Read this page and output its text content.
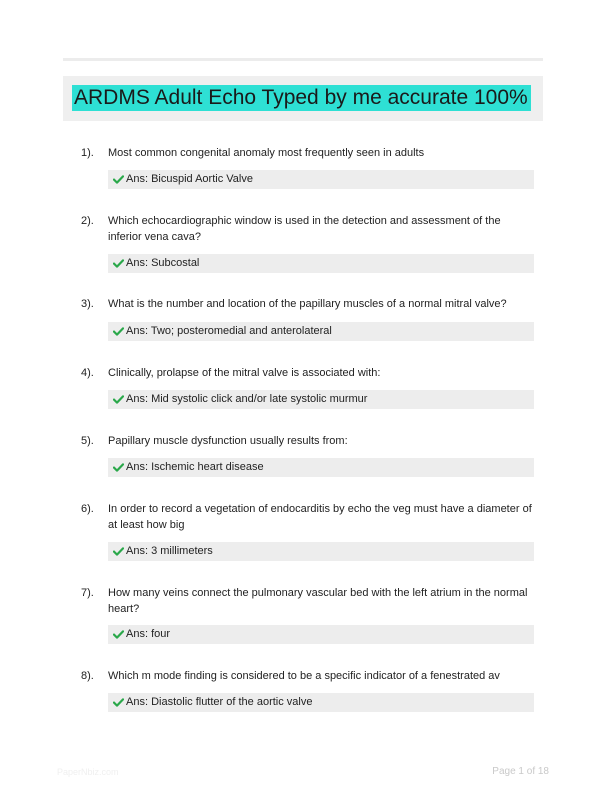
ARDMS Adult Echo Typed by me accurate 100%
1). Most common congenital anomaly most frequently seen in adults
Ans: Bicuspid Aortic Valve
2). Which echocardiographic window is used in the detection and assessment of the inferior vena cava?
Ans: Subcostal
3). What is the number and location of the papillary muscles of a normal mitral valve?
Ans: Two; posteromedial and anterolateral
4). Clinically, prolapse of the mitral valve is associated with:
Ans: Mid systolic click and/or late systolic murmur
5). Papillary muscle dysfunction usually results from:
Ans: Ischemic heart disease
6). In order to record a vegetation of endocarditis by echo the veg must have a diameter of at least how big
Ans: 3 millimeters
7). How many veins connect the pulmonary vascular bed with the left atrium in the normal heart?
Ans: four
8). Which m mode finding is considered to be a specific indicator of a fenestrated av
Ans: Diastolic flutter of the aortic valve
PaperNbiz.com	Page 1 of 18
